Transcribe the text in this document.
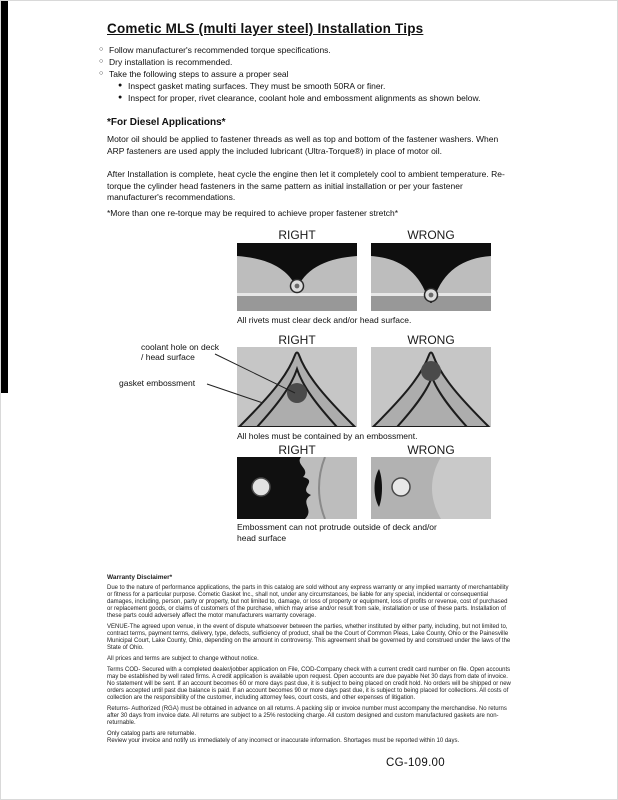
Cometic MLS (multi layer steel) Installation Tips
○ Follow manufacturer's recommended torque specifications.
○ Dry installation is recommended.
○ Take the following steps to assure a proper seal
● Inspect gasket mating surfaces. They must be smooth 50RA or finer.
● Inspect for proper, rivet clearance, coolant hole and embossment alignments as shown below.
*For Diesel Applications*
Motor oil should be applied to fastener threads as well as top and bottom of the fastener washers. When ARP fasteners are used apply the included lubricant (Ultra-Torque®) in place of motor oil.
After Installation is complete, heat cycle the engine then let it completely cool to ambient temperature. Re-torque the cylinder head fasteners in the same pattern as initial installation or per your fastener manufacturer's recommendations.
*More than one re-torque may be required to achieve proper fastener stretch*
RIGHT	WRONG
All rivets must clear deck and/or head surface.
RIGHT	WRONG
coolant hole on deck / head surface
gasket embossment
All holes must be contained by an embossment.
RIGHT	WRONG
Embossment can not protrude outside of deck and/or head surface
Warranty Disclaimer*

Due to the nature of performance applications, the parts in this catalog are sold without any express warranty or any implied warranty of merchantability or fitness for a particular purpose. Cometic Gasket Inc., shall not, under any circumstances, be liable for any special, incidental or consequential damages, including, person, party or property, but not limited to, damage, or loss of property or equipment, loss of profits or revenue, cost of purchased or replacement goods, or claims of customers of the purchase, which may arise and/or result from sale, installation or use of these parts. Installation of these parts could adversely affect the motor manufacturers warranty coverage.

VENUE-The agreed upon venue, in the event of dispute whatsoever between the parties, whether instituted by either party, including, but not limited to, contract terms, payment terms, delivery, type, defects, sufficiency of product, shall be the Court of Common Pleas, Lake County, Ohio or the Painesville Municipal Court, Lake County, Ohio, depending on the amount in controversy. This agreement shall be governed by and construed under the laws of the State of Ohio.

All prices and terms are subject to change without notice.

Terms COD- Secured with a completed dealer/jobber application on File, COD-Company check with a current credit card number on file. Open accounts may be established by well rated firms. A credit application is available upon request. Open accounts are due payable Net 30 days from date of invoice. No statement will be sent. If an account becomes 60 or more days past due, it is subject to being placed on credit hold. No orders will be shipped or new orders accepted until past due balance is paid. If an account becomes 90 or more days past due, it is subject to being placed for collections. All costs of collection are the responsibility of the customer, including attorney fees, court costs, and other expenses of litigation.

Returns- Authorized (RGA) must be obtained in advance on all returns. A packing slip or invoice number must accompany the merchandise. No returns after 30 days from invoice date. All returns are subject to a 25% restocking charge. All custom designed and custom manufactured gaskets are non-returnable.

Only catalog parts are returnable.

Review your invoice and notify us immediately of any incorrect or inaccurate information. Shortages must be reported within 10 days.

CG-109.00
